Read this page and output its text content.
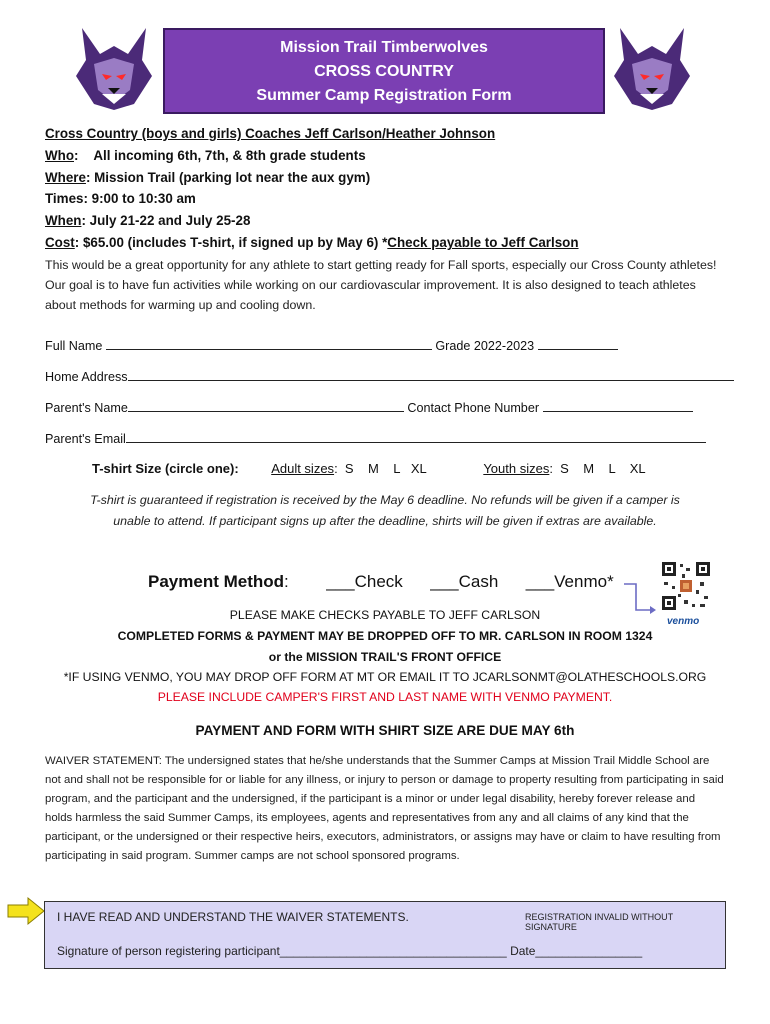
Mission Trail Timberwolves
CROSS COUNTRY
Summer Camp Registration Form
Cross Country (boys and girls) Coaches Jeff Carlson/Heather Johnson
Who:    All incoming 6th, 7th, & 8th grade students
Where: Mission Trail (parking lot near the aux gym)
Times: 9:00 to 10:30 am
When: July 21-22 and July 25-28
Cost: $65.00 (includes T-shirt, if signed up by May 6) *Check payable to Jeff Carlson
This would be a great opportunity for any athlete to start getting ready for Fall sports, especially our Cross County athletes! Our goal is to have fun activities while working on our cardiovascular improvement. It is also designed to teach athletes about methods for warming up and cooling down.
Full Name	Grade 2022-2023
Home Address
Parent's Name	Contact Phone Number
Parent's Email
T-shirt Size (circle one):	Adult sizes:  S    M    L   XL	Youth sizes:  S    M    L    XL
T-shirt is guaranteed if registration is received by the May 6 deadline. No refunds will be given if a camper is
unable to attend. If participant signs up after the deadline, shirts will be given if extras are available.
Payment Method: ___Check ___Cash ___Venmo*
venmo
PLEASE MAKE CHECKS PAYABLE TO JEFF CARLSON
COMPLETED FORMS & PAYMENT MAY BE DROPPED OFF TO MR. CARLSON IN ROOM 1324
or the MISSION TRAIL'S FRONT OFFICE
*IF USING VENMO, YOU MAY DROP OFF FORM AT MT OR EMAIL IT TO JCARLSONMT@OLATHESCHOOLS.ORG
PLEASE INCLUDE CAMPER'S FIRST AND LAST NAME WITH VENMO PAYMENT.
PAYMENT AND FORM WITH SHIRT SIZE ARE DUE MAY 6th
WAIVER STATEMENT: The undersigned states that he/she understands that the Summer Camps at Mission Trail Middle School are not and shall not be responsible for or liable for any illness, or injury to person or damage to property resulting from participating in said program, and the participant and the undersigned, if the participant is a minor or under legal disability, hereby forever release and holds harmless the said Summer Camps, its employees, agents and representatives from any and all claims of any kind that the participant, or the undersigned or their respective heirs, executors, administrators, or assigns may have or claim to have resulting from participating in said program. Summer camps are not school sponsored programs.
I HAVE READ AND UNDERSTAND THE WAIVER STATEMENTS.	REGISTRATION INVALID WITHOUT SIGNATURE
Signature of person registering participant__________________________________ Date________________
